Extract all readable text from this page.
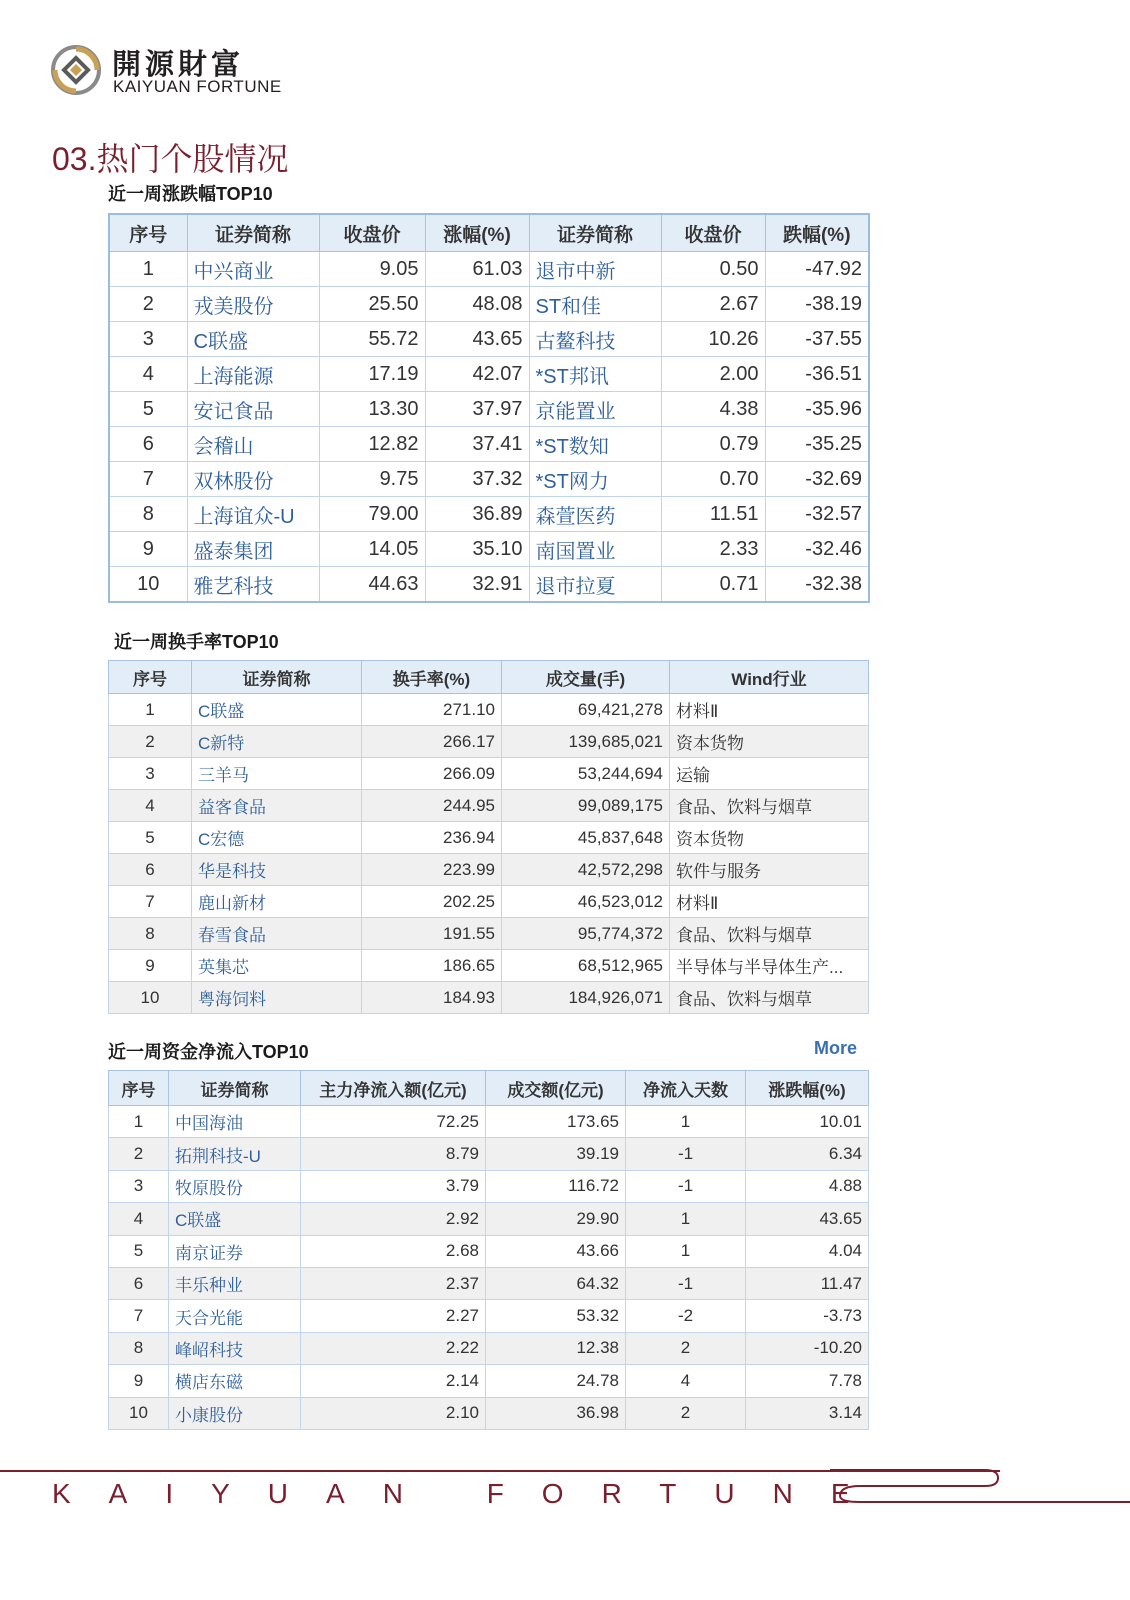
開源財富
KAIYUAN FORTUNE
03.热门个股情况
近一周涨跌幅TOP10
序号	证券简称	收盘价	涨幅(%)	证券简称	收盘价	跌幅(%)
1	中兴商业	9.05	61.03	退市中新	0.50	-47.92
2	戎美股份	25.50	48.08	ST和佳	2.67	-38.19
3	C联盛	55.72	43.65	古鳌科技	10.26	-37.55
4	上海能源	17.19	42.07	*ST邦讯	2.00	-36.51
5	安记食品	13.30	37.97	京能置业	4.38	-35.96
6	会稽山	12.82	37.41	*ST数知	0.79	-35.25
7	双林股份	9.75	37.32	*ST网力	0.70	-32.69
8	上海谊众-U	79.00	36.89	森萱医药	11.51	-32.57
9	盛泰集团	14.05	35.10	南国置业	2.33	-32.46
10	雅艺科技	44.63	32.91	退市拉夏	0.71	-32.38
近一周换手率TOP10
序号	证券简称	换手率(%)	成交量(手)	Wind行业
1	C联盛	271.10	69,421,278	材料Ⅱ
2	C新特	266.17	139,685,021	资本货物
3	三羊马	266.09	53,244,694	运输
4	益客食品	244.95	99,089,175	食品、饮料与烟草
5	C宏德	236.94	45,837,648	资本货物
6	华是科技	223.99	42,572,298	软件与服务
7	鹿山新材	202.25	46,523,012	材料Ⅱ
8	春雪食品	191.55	95,774,372	食品、饮料与烟草
9	英集芯	186.65	68,512,965	半导体与半导体生产...
10	粤海饲料	184.93	184,926,071	食品、饮料与烟草
近一周资金净流入TOP10	More
序号	证券简称	主力净流入额(亿元)	成交额(亿元)	净流入天数	涨跌幅(%)
1	中国海油	72.25	173.65	1	10.01
2	拓荆科技-U	8.79	39.19	-1	6.34
3	牧原股份	3.79	116.72	-1	4.88
4	C联盛	2.92	29.90	1	43.65
5	南京证券	2.68	43.66	1	4.04
6	丰乐种业	2.37	64.32	-1	11.47
7	天合光能	2.27	53.32	-2	-3.73
8	峰岹科技	2.22	12.38	2	-10.20
9	横店东磁	2.14	24.78	4	7.78
10	小康股份	2.10	36.98	2	3.14
KAIYUAN FORTUNE
